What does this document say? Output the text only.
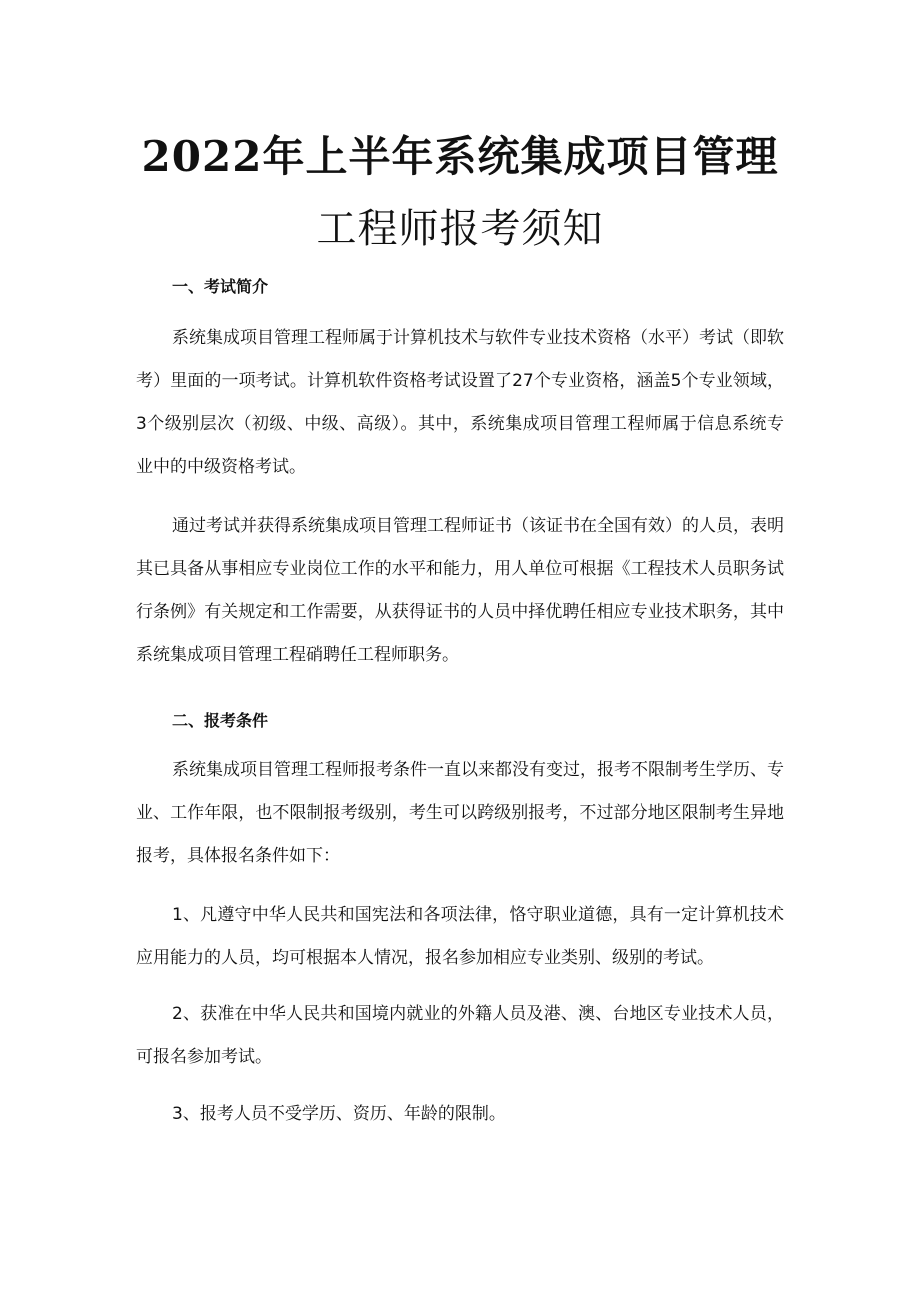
2022年上半年系统集成项目管理
工程师报考须知
一、考试简介

系统集成项目管理工程师属于计算机技术与软件专业技术资格（水平）考试（即软考）里面的一项考试。计算机软件资格考试设置了27个专业资格，涵盖5个专业领域，3个级别层次（初级、中级、高级）。其中，系统集成项目管理工程师属于信息系统专业中的中级资格考试。

通过考试并获得系统集成项目管理工程师证书（该证书在全国有效）的人员，表明其已具备从事相应专业岗位工作的水平和能力，用人单位可根据《工程技术人员职务试行条例》有关规定和工作需要，从获得证书的人员中择优聘任相应专业技术职务，其中系统集成项目管理工程硝聘任工程师职务。

二、报考条件

系统集成项目管理工程师报考条件一直以来都没有变过，报考不限制考生学历、专业、工作年限，也不限制报考级别，考生可以跨级别报考，不过部分地区限制考生异地报考，具体报名条件如下：

1、凡遵守中华人民共和国宪法和各项法律，恪守职业道德，具有一定计算机技术应用能力的人员，均可根据本人情况，报名参加相应专业类别、级别的考试。

2、获准在中华人民共和国境内就业的外籍人员及港、澳、台地区专业技术人员，可报名参加考试。

3、报考人员不受学历、资历、年龄的限制。
